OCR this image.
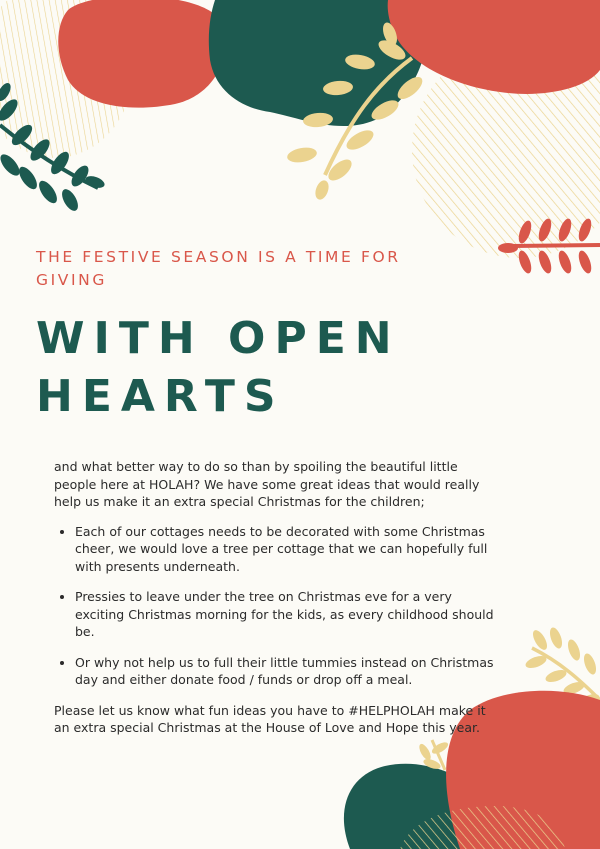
THE FESTIVE SEASON IS A TIME FOR GIVING
WITH OPEN HEARTS

and what better way to do so than by spoiling the beautiful little people here at HOLAH? We have some great ideas that would really help us make it an extra special Christmas for the children;

• Each of our cottages needs to be decorated with some Christmas cheer, we would love a tree per cottage that we can hopefully full with presents underneath.
• Pressies to leave under the tree on Christmas eve for a very exciting Christmas morning for the kids, as every childhood should be.
• Or why not help us to full their little tummies instead on Christmas day and either donate food / funds or drop off a meal.

Please let us know what fun ideas you have to #HELPHOLAH make it an extra special Christmas at the House of Love and Hope this year.
